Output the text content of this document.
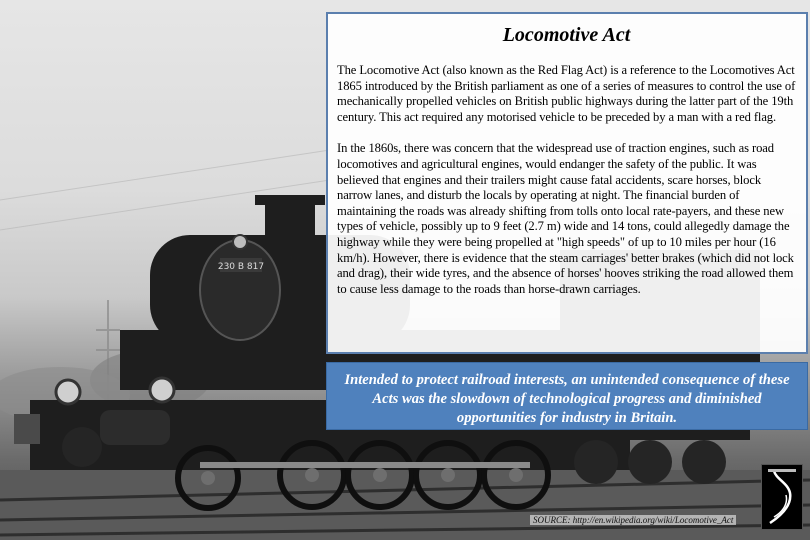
230 B 817
Locomotive Act

The Locomotive Act (also known as the Red Flag Act) is a reference to the Locomotives Act 1865 introduced by the British parliament as one of a series of measures to control the use of mechanically propelled vehicles on British public highways during the latter part of the 19th century. This act required any motorised vehicle to be preceded by a man with a red flag.

In the 1860s, there was concern that the widespread use of traction engines, such as road locomotives and agricultural engines, would endanger the safety of the public. It was believed that engines and their trailers might cause fatal accidents, scare horses, block narrow lanes, and disturb the locals by operating at night. The financial burden of maintaining the roads was already shifting from tolls onto local rate-payers, and these new types of vehicle, possibly up to 9 feet (2.7 m) wide and 14 tons, could allegedly damage the highway while they were being propelled at "high speeds" of up to 10 miles per hour (16 km/h). However, there is evidence that the steam carriages' better brakes (which did not lock and drag), their wide tyres, and the absence of horses' hooves striking the road allowed them to cause less damage to the roads than horse-drawn carriages.

Intended to protect railroad interests, an unintended consequence of these Acts was the slowdown of technological progress and diminished opportunities for industry in Britain.
SOURCE: http://en.wikipedia.org/wiki/Locomotive_Act
